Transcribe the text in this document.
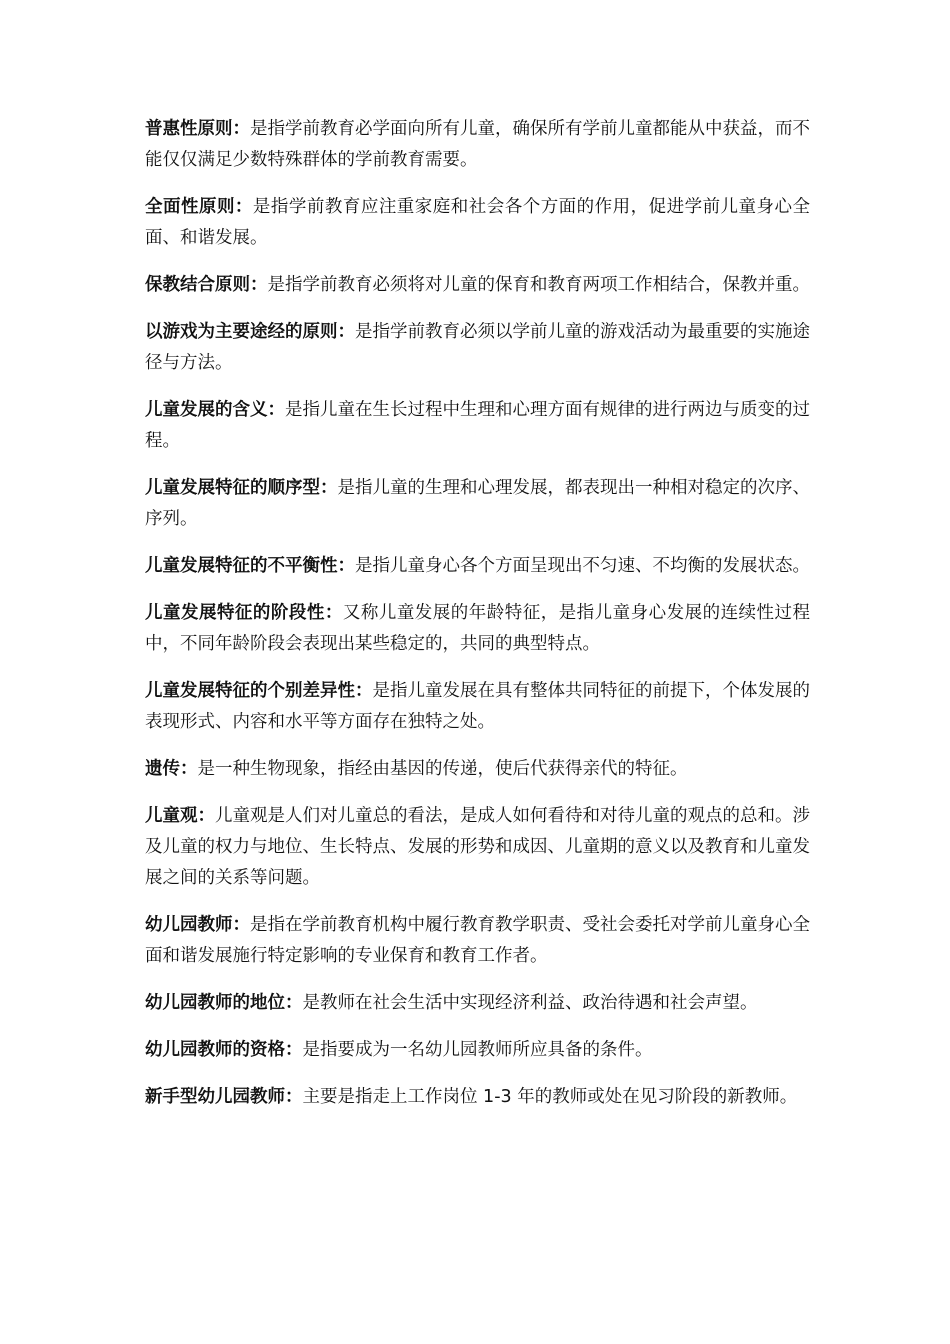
普惠性原则：是指学前教育必学面向所有儿童，确保所有学前儿童都能从中获益，而不能仅仅满足少数特殊群体的学前教育需要。

全面性原则：是指学前教育应注重家庭和社会各个方面的作用，促进学前儿童身心全面、和谐发展。

保教结合原则：是指学前教育必须将对儿童的保育和教育两项工作相结合，保教并重。

以游戏为主要途经的原则：是指学前教育必须以学前儿童的游戏活动为最重要的实施途径与方法。

儿童发展的含义：是指儿童在生长过程中生理和心理方面有规律的进行两边与质变的过程。

儿童发展特征的顺序型：是指儿童的生理和心理发展，都表现出一种相对稳定的次序、序列。

儿童发展特征的不平衡性：是指儿童身心各个方面呈现出不匀速、不均衡的发展状态。

儿童发展特征的阶段性：又称儿童发展的年龄特征，是指儿童身心发展的连续性过程中，不同年龄阶段会表现出某些稳定的，共同的典型特点。

儿童发展特征的个别差异性：是指儿童发展在具有整体共同特征的前提下，个体发展的表现形式、内容和水平等方面存在独特之处。

遗传：是一种生物现象，指经由基因的传递，使后代获得亲代的特征。

儿童观：儿童观是人们对儿童总的看法，是成人如何看待和对待儿童的观点的总和。涉及儿童的权力与地位、生长特点、发展的形势和成因、儿童期的意义以及教育和儿童发展之间的关系等问题。

幼儿园教师：是指在学前教育机构中履行教育教学职责、受社会委托对学前儿童身心全面和谐发展施行特定影响的专业保育和教育工作者。

幼儿园教师的地位：是教师在社会生活中实现经济利益、政治待遇和社会声望。

幼儿园教师的资格：是指要成为一名幼儿园教师所应具备的条件。

新手型幼儿园教师：主要是指走上工作岗位 1-3 年的教师或处在见习阶段的新教师。
